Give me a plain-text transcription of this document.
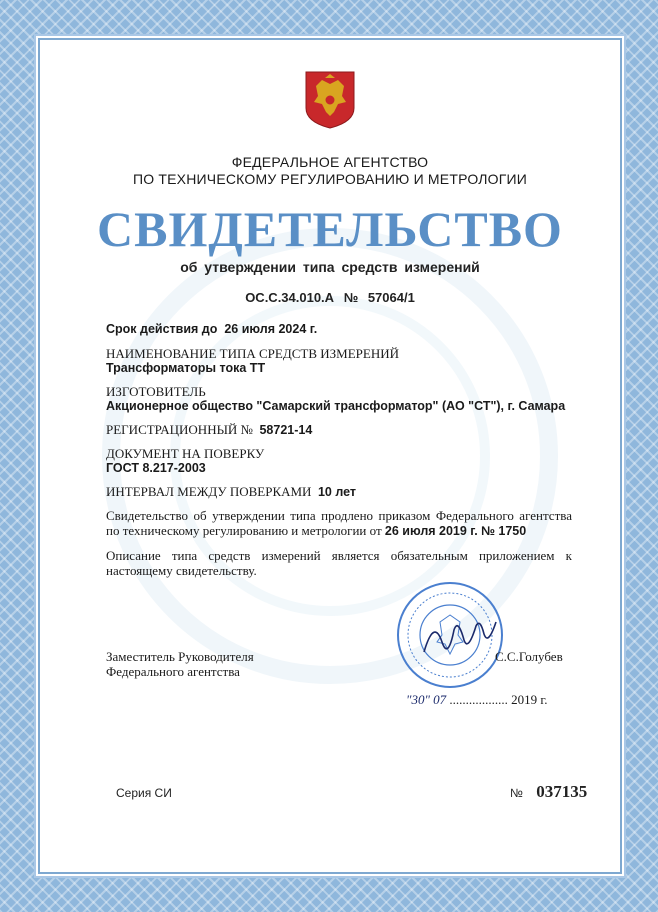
ФЕДЕРАЛЬНОЕ АГЕНТСТВО
ПО ТЕХНИЧЕСКОМУ РЕГУЛИРОВАНИЮ И МЕТРОЛОГИИ
СВИДЕТЕЛЬСТВО
об утверждении типа средств измерений
ОС.С.34.010.А № 57064/1
Срок действия до 26 июля 2024 г.
НАИМЕНОВАНИЕ ТИПА СРЕДСТВ ИЗМЕРЕНИЙ
Трансформаторы тока ТТ
ИЗГОТОВИТЕЛЬ
Акционерное общество "Самарский трансформатор" (АО "СТ"), г. Самара
РЕГИСТРАЦИОННЫЙ № 58721-14
ДОКУМЕНТ НА ПОВЕРКУ
ГОСТ 8.217-2003
ИНТЕРВАЛ МЕЖДУ ПОВЕРКАМИ 10 лет
Свидетельство об утверждении типа продлено приказом Федерального агентства по техническому регулированию и метрологии от 26 июля 2019 г. № 1750
Описание типа средств измерений является обязательным приложением к настоящему свидетельству.
Заместитель Руководителя
Федерального агентства
С.С.Голубев
"30" 07 .................. 2019 г.
Серия СИ	№ 037135
